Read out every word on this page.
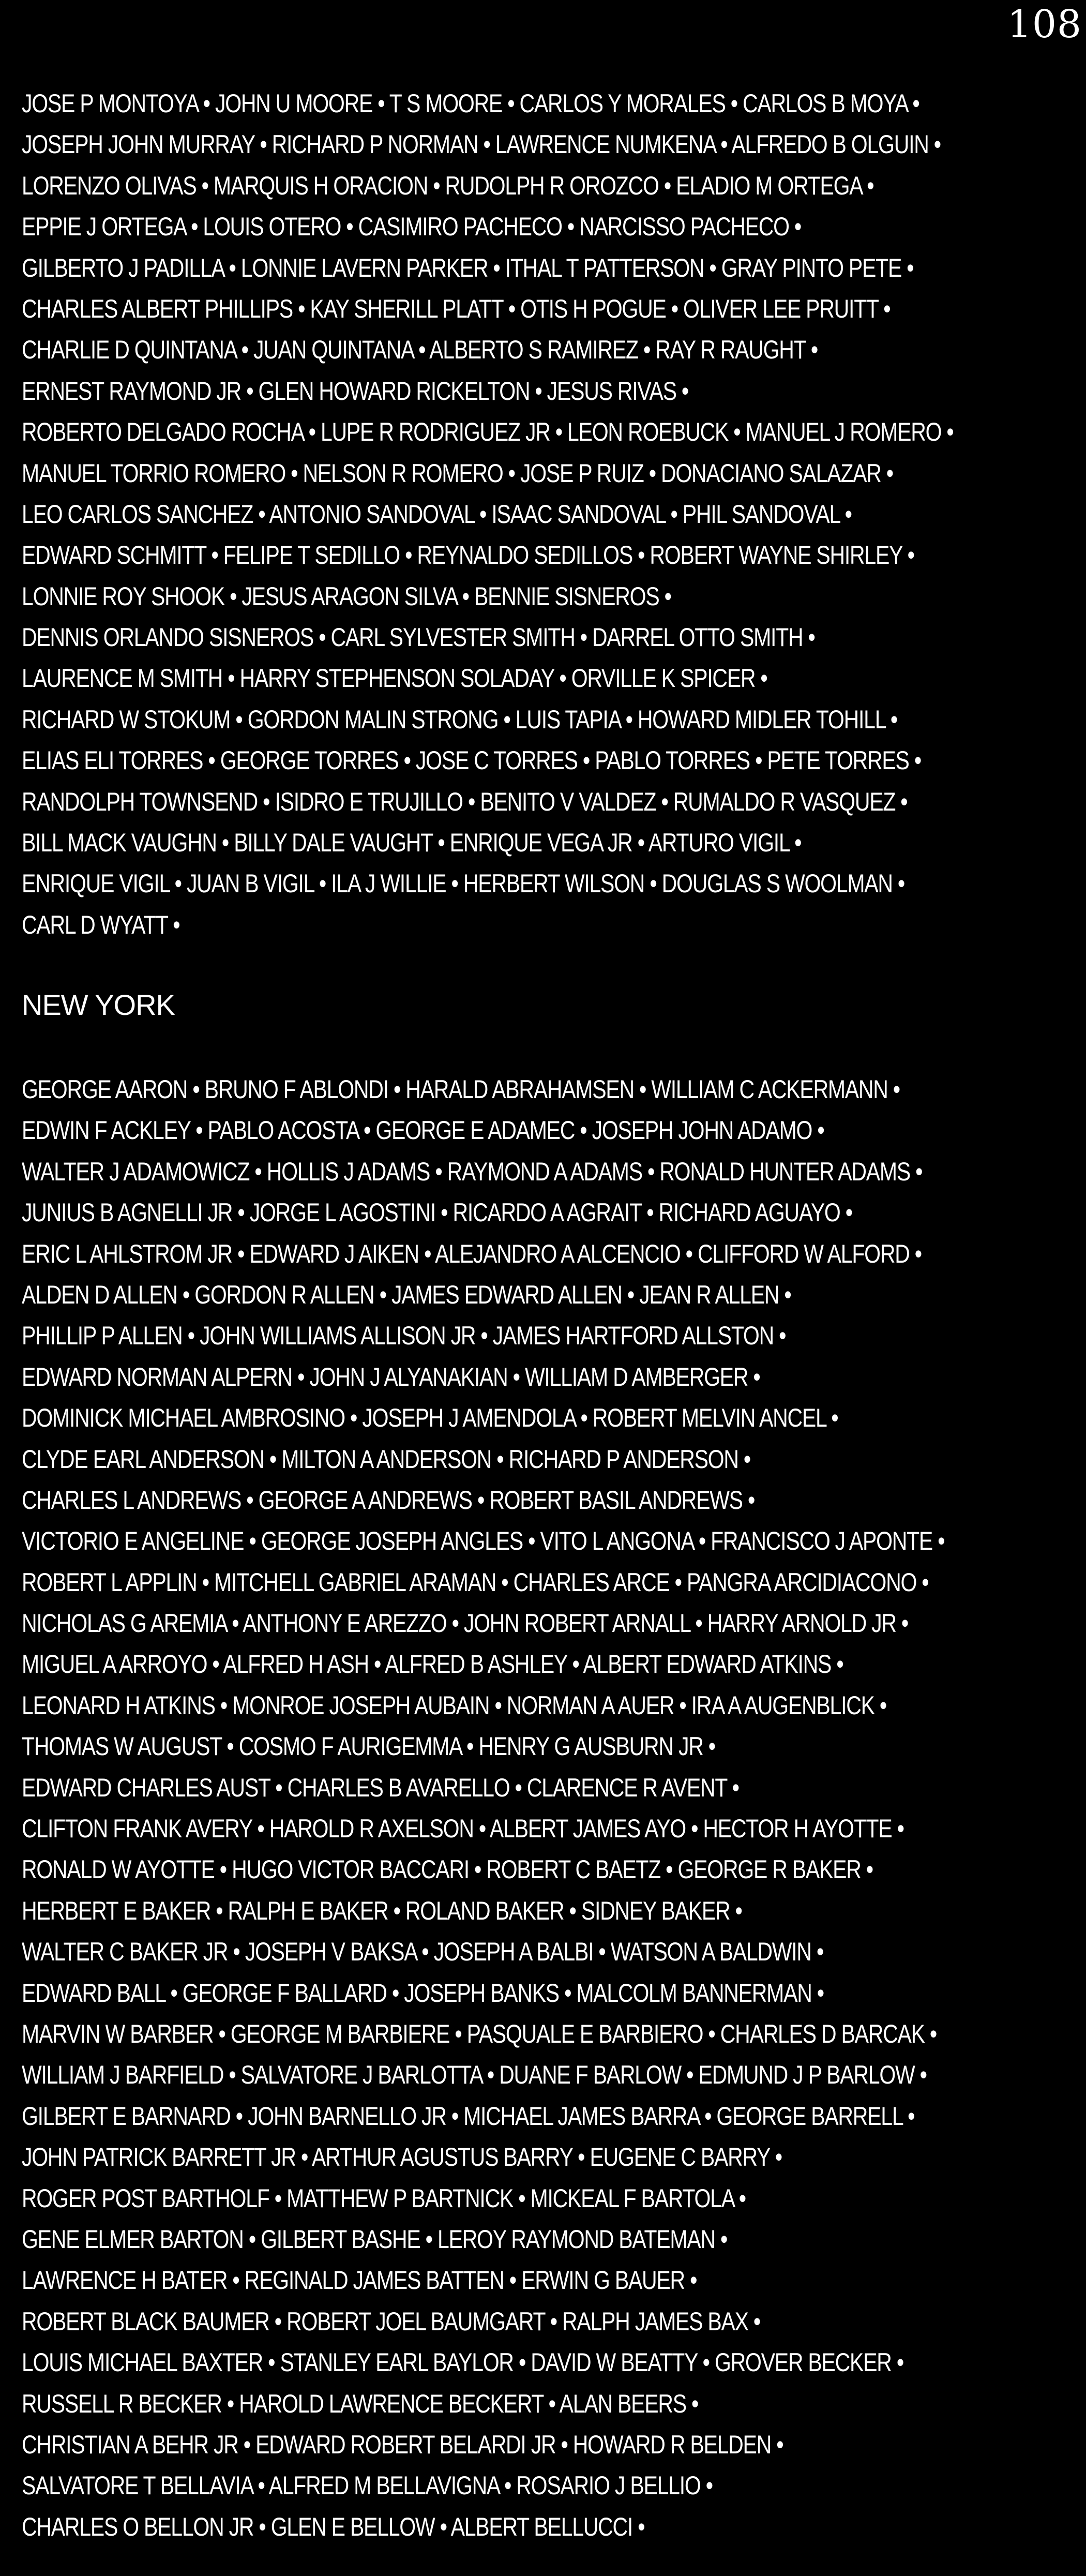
108
JOSE P MONTOYA • JOHN U MOORE • T S MOORE • CARLOS Y MORALES • CARLOS B MOYA •
JOSEPH JOHN MURRAY • RICHARD P NORMAN • LAWRENCE NUMKENA • ALFREDO B OLGUIN •
LORENZO OLIVAS • MARQUIS H ORACION • RUDOLPH R OROZCO • ELADIO M ORTEGA •
EPPIE J ORTEGA • LOUIS OTERO • CASIMIRO PACHECO • NARCISSO PACHECO •
GILBERTO J PADILLA • LONNIE LAVERN PARKER • ITHAL T PATTERSON • GRAY PINTO PETE •
CHARLES ALBERT PHILLIPS • KAY SHERILL PLATT • OTIS H POGUE • OLIVER LEE PRUITT •
CHARLIE D QUINTANA • JUAN QUINTANA • ALBERTO S RAMIREZ • RAY R RAUGHT •
ERNEST RAYMOND JR • GLEN HOWARD RICKELTON • JESUS RIVAS •
ROBERTO DELGADO ROCHA • LUPE R RODRIGUEZ JR • LEON ROEBUCK • MANUEL J ROMERO •
MANUEL TORRIO ROMERO • NELSON R ROMERO • JOSE P RUIZ • DONACIANO SALAZAR •
LEO CARLOS SANCHEZ • ANTONIO SANDOVAL • ISAAC SANDOVAL • PHIL SANDOVAL •
EDWARD SCHMITT • FELIPE T SEDILLO • REYNALDO SEDILLOS • ROBERT WAYNE SHIRLEY •
LONNIE ROY SHOOK • JESUS ARAGON SILVA • BENNIE SISNEROS •
DENNIS ORLANDO SISNEROS • CARL SYLVESTER SMITH • DARREL OTTO SMITH •
LAURENCE M SMITH • HARRY STEPHENSON SOLADAY • ORVILLE K SPICER •
RICHARD W STOKUM • GORDON MALIN STRONG • LUIS TAPIA • HOWARD MIDLER TOHILL •
ELIAS ELI TORRES • GEORGE TORRES • JOSE C TORRES • PABLO TORRES • PETE TORRES •
RANDOLPH TOWNSEND • ISIDRO E TRUJILLO • BENITO V VALDEZ • RUMALDO R VASQUEZ •
BILL MACK VAUGHN • BILLY DALE VAUGHT • ENRIQUE VEGA JR • ARTURO VIGIL •
ENRIQUE VIGIL • JUAN B VIGIL • ILA J WILLIE • HERBERT WILSON • DOUGLAS S WOOLMAN •
CARL D WYATT •
NEW YORK
GEORGE AARON • BRUNO F ABLONDI • HARALD ABRAHAMSEN • WILLIAM C ACKERMANN •
EDWIN F ACKLEY • PABLO ACOSTA • GEORGE E ADAMEC • JOSEPH JOHN ADAMO •
WALTER J ADAMOWICZ • HOLLIS J ADAMS • RAYMOND A ADAMS • RONALD HUNTER ADAMS •
JUNIUS B AGNELLI JR • JORGE L AGOSTINI • RICARDO A AGRAIT • RICHARD AGUAYO •
ERIC L AHLSTROM JR • EDWARD J AIKEN • ALEJANDRO A ALCENCIO • CLIFFORD W ALFORD •
ALDEN D ALLEN • GORDON R ALLEN • JAMES EDWARD ALLEN • JEAN R ALLEN •
PHILLIP P ALLEN • JOHN WILLIAMS ALLISON JR • JAMES HARTFORD ALLSTON •
EDWARD NORMAN ALPERN • JOHN J ALYANAKIAN • WILLIAM D AMBERGER •
DOMINICK MICHAEL AMBROSINO • JOSEPH J AMENDOLA • ROBERT MELVIN ANCEL •
CLYDE EARL ANDERSON • MILTON A ANDERSON • RICHARD P ANDERSON •
CHARLES L ANDREWS • GEORGE A ANDREWS • ROBERT BASIL ANDREWS •
VICTORIO E ANGELINE • GEORGE JOSEPH ANGLES • VITO L ANGONA • FRANCISCO J APONTE •
ROBERT L APPLIN • MITCHELL GABRIEL ARAMAN • CHARLES ARCE • PANGRA ARCIDIACONO •
NICHOLAS G AREMIA • ANTHONY E AREZZO • JOHN ROBERT ARNALL • HARRY ARNOLD JR •
MIGUEL A ARROYO • ALFRED H ASH • ALFRED B ASHLEY • ALBERT EDWARD ATKINS •
LEONARD H ATKINS • MONROE JOSEPH AUBAIN • NORMAN A AUER • IRA A AUGENBLICK •
THOMAS W AUGUST • COSMO F AURIGEMMA • HENRY G AUSBURN JR •
EDWARD CHARLES AUST • CHARLES B AVARELLO • CLARENCE R AVENT •
CLIFTON FRANK AVERY • HAROLD R AXELSON • ALBERT JAMES AYO • HECTOR H AYOTTE •
RONALD W AYOTTE • HUGO VICTOR BACCARI • ROBERT C BAETZ • GEORGE R BAKER •
HERBERT E BAKER • RALPH E BAKER • ROLAND BAKER • SIDNEY BAKER •
WALTER C BAKER JR • JOSEPH V BAKSA • JOSEPH A BALBI • WATSON A BALDWIN •
EDWARD BALL • GEORGE F BALLARD • JOSEPH BANKS • MALCOLM BANNERMAN •
MARVIN W BARBER • GEORGE M BARBIERE • PASQUALE E BARBIERO • CHARLES D BARCAK •
WILLIAM J BARFIELD • SALVATORE J BARLOTTA • DUANE F BARLOW • EDMUND J P BARLOW •
GILBERT E BARNARD • JOHN BARNELLO JR • MICHAEL JAMES BARRA • GEORGE BARRELL •
JOHN PATRICK BARRETT JR • ARTHUR AGUSTUS BARRY • EUGENE C BARRY •
ROGER POST BARTHOLF • MATTHEW P BARTNICK • MICKEAL F BARTOLA •
GENE ELMER BARTON • GILBERT BASHE • LEROY RAYMOND BATEMAN •
LAWRENCE H BATER • REGINALD JAMES BATTEN • ERWIN G BAUER •
ROBERT BLACK BAUMER • ROBERT JOEL BAUMGART • RALPH JAMES BAX •
LOUIS MICHAEL BAXTER • STANLEY EARL BAYLOR • DAVID W BEATTY • GROVER BECKER •
RUSSELL R BECKER • HAROLD LAWRENCE BECKERT • ALAN BEERS •
CHRISTIAN A BEHR JR • EDWARD ROBERT BELARDI JR • HOWARD R BELDEN •
SALVATORE T BELLAVIA • ALFRED M BELLAVIGNA • ROSARIO J BELLIO •
CHARLES O BELLON JR • GLEN E BELLOW • ALBERT BELLUCCI •
